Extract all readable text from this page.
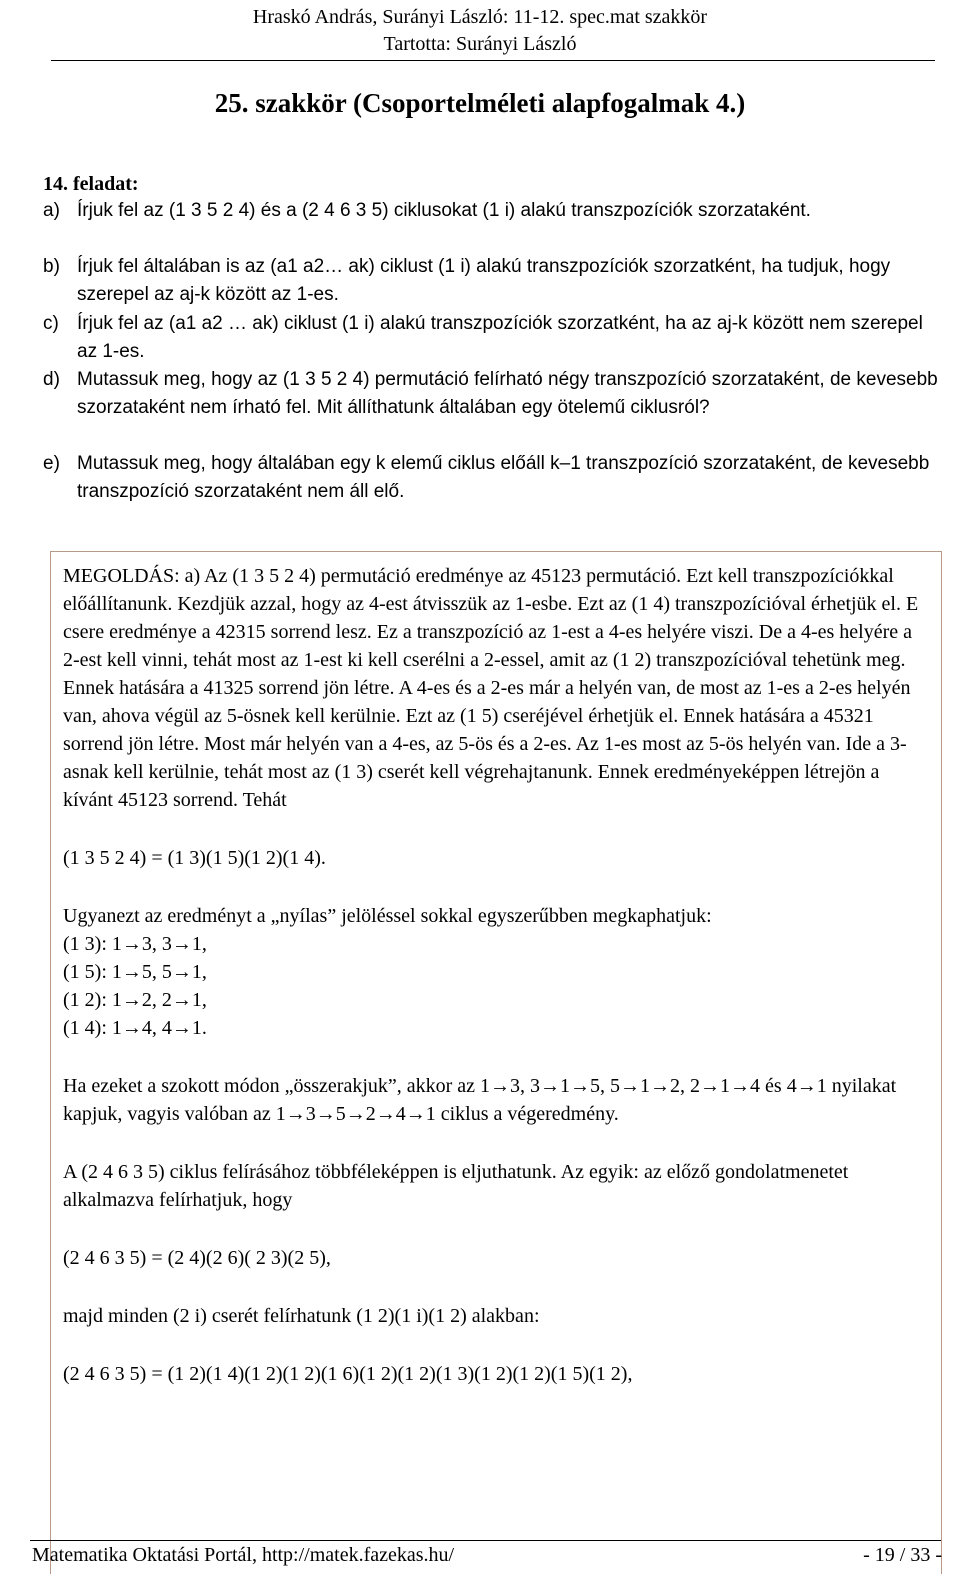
Hraskó András, Surányi László: 11-12. spec.mat szakkör
Tartotta: Surányi László
25. szakkör (Csoportelméleti alapfogalmak 4.)
14. feladat:
a) Írjuk fel az (1 3 5 2 4) és a (2 4 6 3 5) ciklusokat (1 i) alakú transzpozíciók szorzataként.
b) Írjuk fel általában is az (a1 a2… ak) ciklust (1 i) alakú transzpozíciók szorzatként, ha tudjuk, hogy szerepel az aj-k között az 1-es.
c) Írjuk fel az (a1 a2 … ak) ciklust (1 i) alakú transzpozíciók szorzatként, ha az aj-k között nem szerepel az 1-es.
d) Mutassuk meg, hogy az (1 3 5 2 4) permutáció felírható négy transzpozíció szorzataként, de kevesebb szorzataként nem írható fel. Mit állíthatunk általában egy ötelemű ciklusról?
e) Mutassuk meg, hogy általában egy k elemű ciklus előáll k–1 transzpozíció szorzataként, de kevesebb transzpozíció szorzataként nem áll elő.

MEGOLDÁS: a) Az (1 3 5 2 4) permutáció eredménye az 45123 permutáció. Ezt kell transzpozíciókkal előállítanunk. Kezdjük azzal, hogy az 4-est átvisszük az 1-esbe. Ezt az (1 4) transzpozícióval érhetjük el. E csere eredménye a 42315 sorrend lesz. Ez a transzpozíció az 1-est a 4-es helyére viszi. De a 4-es helyére a 2-est kell vinni, tehát most az 1-est ki kell cserélni a 2-essel, amit az (1 2) transzpozícióval tehetünk meg. Ennek hatására a 41325 sorrend jön létre. A 4-es és a 2-es már a helyén van, de most az 1-es a 2-es helyén van, ahova végül az 5-ösnek kell kerülnie. Ezt az (1 5) cseréjével érhetjük el. Ennek hatására a 45321 sorrend jön létre. Most már helyén van a 4-es, az 5-ös és a 2-es. Az 1-es most az 5-ös helyén van. Ide a 3-asnak kell kerülnie, tehát most az (1 3) cserét kell végrehajtanunk. Ennek eredményeképpen létrejön a kívánt 45123 sorrend. Tehát

(1 3 5 2 4) = (1 3)(1 5)(1 2)(1 4).

Ugyanezt az eredményt a „nyílas” jelöléssel sokkal egyszerűbben megkaphatjuk:

(1 3): 1→3, 3→1,

(1 5): 1→5, 5→1,

(1 2): 1→2, 2→1,

(1 4): 1→4, 4→1.

Ha ezeket a szokott módon „összerakjuk”, akkor az 1→3, 3→1→5, 5→1→2, 2→1→4 és 4→1 nyilakat kapjuk, vagyis valóban az 1→3→5→2→4→1 ciklus a végeredmény.

A (2 4 6 3 5) ciklus felírásához többféleképpen is eljuthatunk. Az egyik: az előző gondolatmenetet alkalmazva felírhatjuk, hogy

(2 4 6 3 5) = (2 4)(2 6)( 2 3)(2 5),

majd minden (2 i) cserét felírhatunk (1 2)(1 i)(1 2) alakban:

(2 4 6 3 5) = (1 2)(1 4)(1 2)(1 2)(1 6)(1 2)(1 2)(1 3)(1 2)(1 2)(1 5)(1 2),

Matematika Oktatási Portál, http://matek.fazekas.hu/	- 19 / 33 -
